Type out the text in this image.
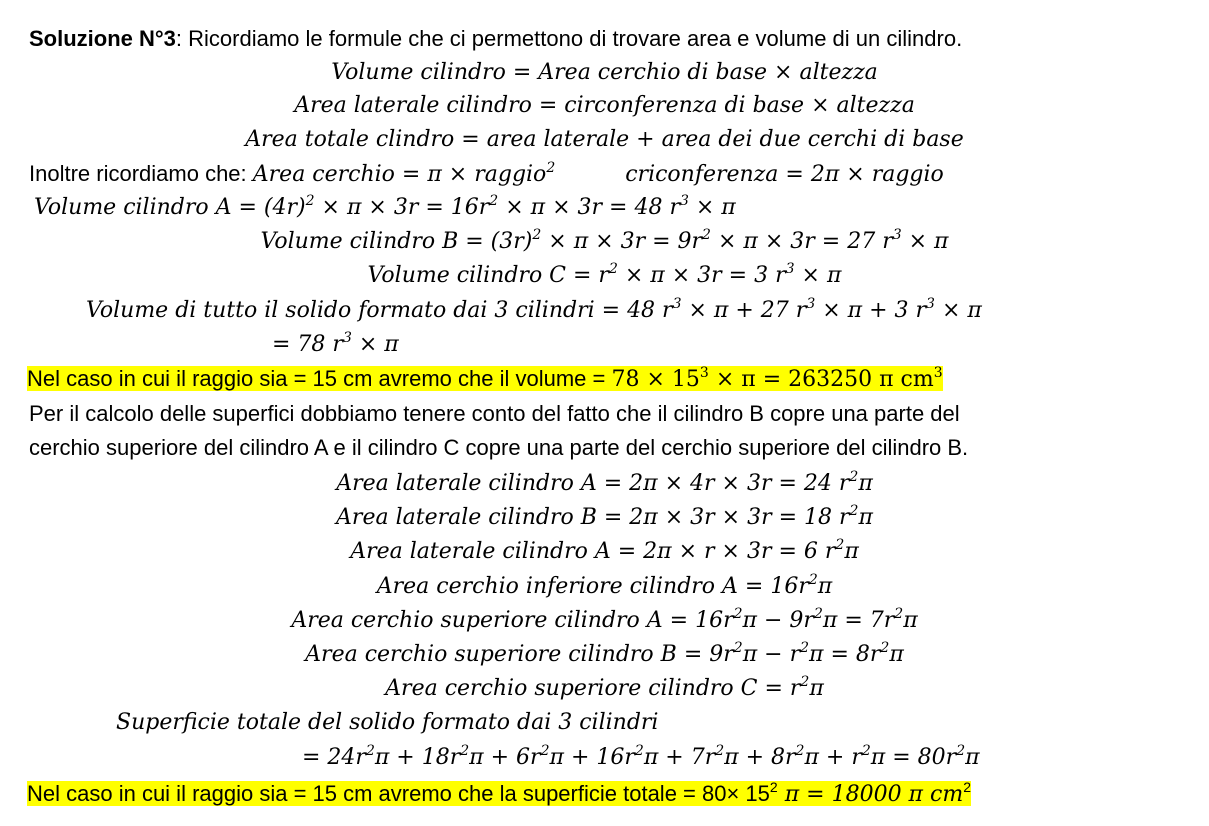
Soluzione N°3: Ricordiamo le formule che ci permettono di trovare area e volume di un cilindro.
Volume cilindro = Area cerchio di base × altezza
Area laterale cilindro = circonferenza di base × altezza
Area totale clindro = area laterale + area dei due cerchi di base
Inoltre ricordiamo che: Area cerchio = π × raggio$^2$	criconferenza = 2π × raggio
Volume cilindro $A = (4r)^2 \times \pi \times 3r = 16r^2 \times \pi \times 3r = 48$ $r^3 \times \pi$
Volume cilindro $B = (3r)^2 \times \pi \times 3r = 9r^2 \times \pi \times 3r = 27$ $r^3 \times \pi$
Volume cilindro $C = r^2 \times \pi \times 3r = 3$ $r^3 \times \pi$
Volume di tutto il solido formato dai 3 cilindri = 48 $r^3 \times \pi + 27$ $r^3 \times \pi + 3$ $r^3 \times \pi$
= 78 $r^3 \times \pi$
Nel caso in cui il raggio sia = 15 cm avremo che il volume = $78 \times 15^3 \times \pi = 263250$ π $cm^3$
Per il calcolo delle superfici dobbiamo tenere conto del fatto che il cilindro B copre una parte del
cerchio superiore del cilindro A e il cilindro C copre una parte del cerchio superiore del cilindro B.
Area laterale cilindro A = 2π × 4r × 3r = 24 $r^2\pi$
Area laterale cilindro B = 2π × 3r × 3r = 18 $r^2\pi$
Area laterale cilindro A = 2π × r × 3r = 6 $r^2\pi$
Area cerchio inferiore cilindro $A = 16r^2\pi$
Area cerchio superiore cilindro $A = 16r^2\pi - 9r^2\pi = 7r^2\pi$
Area cerchio superiore cilindro $B = 9r^2\pi - r^2\pi = 8r^2\pi$
Area cerchio superiore cilindro $C = r^2\pi$
Superficie totale del solido formato dai 3 cilindri
= $24r^2\pi + 18r^2\pi + 6r^2\pi + 16r^2\pi + 7r^2\pi + 8r^2\pi + r^2\pi = 80r^2\pi$
Nel caso in cui il raggio sia = 15 cm avremo che la superficie totale = $80\times 15^2$ π = 18000 π $cm^2$
